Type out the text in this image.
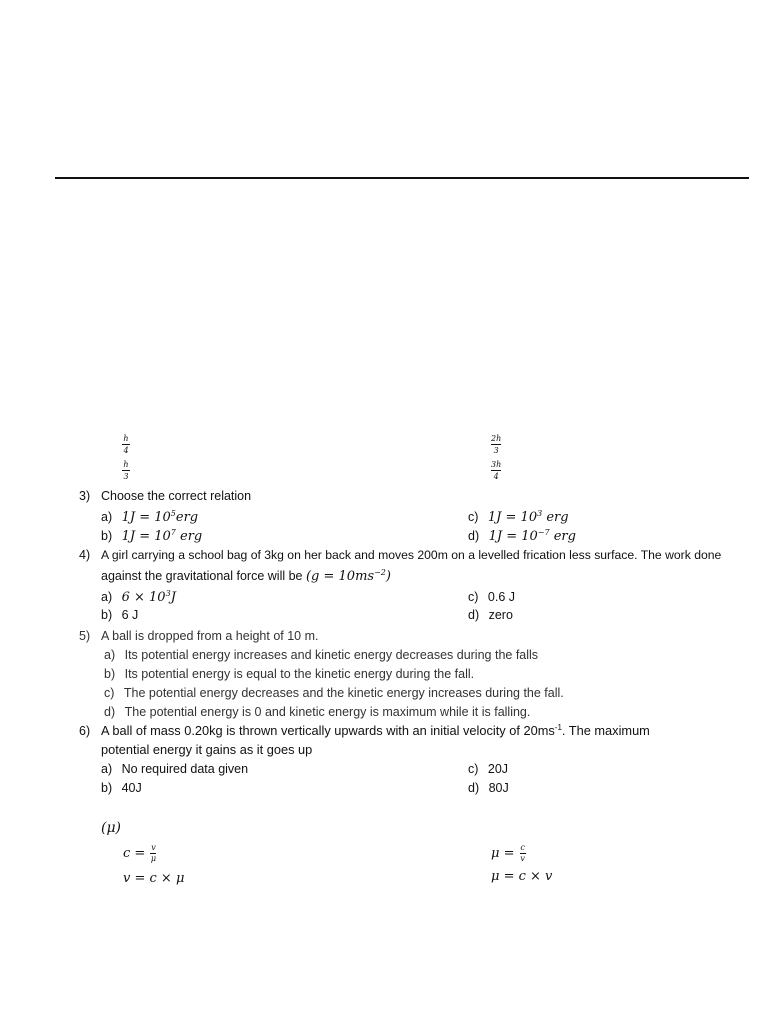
h
4
h
3
2h
3
3h
4
3) Choose the correct relation
a) $1J = 10^5erg$
b) $1J = 10^7$ erg
c) $1J = 10^3$ erg
d) $1J = 10^{-7}$ erg
4) A girl carrying a school bag of 3kg on her back and moves 200m on a levelled frication less surface. The work done
against the gravitational force will be $(g = 10ms^{-2})$
a) $6 \times 10^3J$
b) 6 J
c) 0.6 J
d) zero
5) A ball is dropped from a height of 10 m.
a) Its potential energy increases and kinetic energy decreases during the falls
b) Its potential energy is equal to the kinetic energy during the fall.
c) The potential energy decreases and the kinetic energy increases during the fall.
d) The potential energy is 0 and kinetic energy is maximum while it is falling.
6) A ball of mass 0.20kg is thrown vertically upwards with an initial velocity of $20ms^{-1}$. The maximum
potential energy it gains as it goes up
a) No required data given
b) 40J
c) 20J
d) 80J
(μ)
$c = \frac{v}{\mu}$
v = c × μ
$\mu = \frac{c}{v}$
μ = c × v
